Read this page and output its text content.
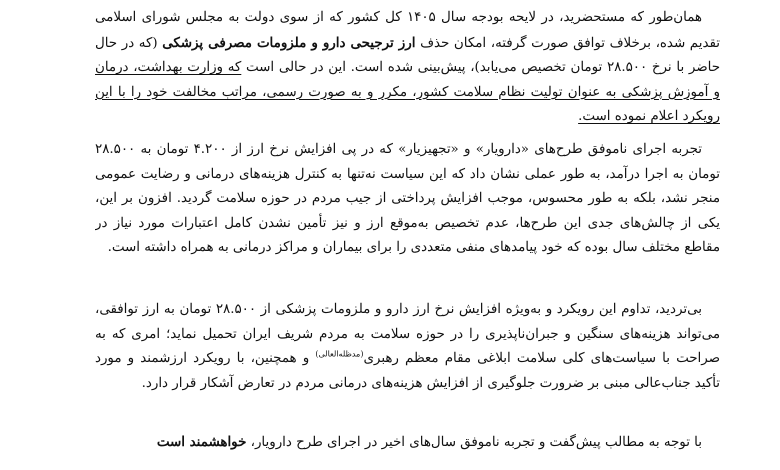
همان‌طور که مستحضرید، در لایحه بودجه سال ۱۴۰۵ کل کشور که از سوی دولت به مجلس شورای اسلامی تقدیم شده، برخلاف توافق صورت گرفته، امکان حذف ارز ترجیحی دارو و ملزومات مصرفی پزشکی (که در حال حاضر با نرخ ۲۸.۵۰۰ تومان تخصیص می‌یابد)، پیش‌بینی شده است. این در حالی است که وزارت بهداشت، درمان و آموزش پزشکی به عنوان تولیت نظام سلامت کشور، مکرر و به صورت رسمی، مراتب مخالفت خود را با این رویکرد اعلام نموده است.

تجربه اجرای ناموفق طرح‌های «دارویار» و «تجهیزیار» که در پی افزایش نرخ ارز از ۴.۲۰۰ تومان به ۲۸.۵۰۰ تومان به اجرا درآمد، به طور عملی نشان داد که این سیاست نه‌تنها به کنترل هزینه‌های درمانی و رضایت عمومی منجر نشد، بلکه به طور محسوس، موجب افزایش پرداختی از جیب مردم در حوزه سلامت گردید. افزون بر این، یکی از چالش‌های جدی این طرح‌ها، عدم تخصیص به‌موقع ارز و نیز تأمین نشدن کامل اعتبارات مورد نیاز در مقاطع مختلف سال بوده که خود پیامدهای منفی متعددی را برای بیماران و مراکز درمانی به همراه داشته است.

بی‌تردید، تداوم این رویکرد و به‌ویژه افزایش نرخ ارز دارو و ملزومات پزشکی از ۲۸.۵۰۰ تومان به ارز توافقی، می‌تواند هزینه‌های سنگین و جبران‌ناپذیری را در حوزه سلامت به مردم شریف ایران تحمیل نماید؛ امری که به صراحت با سیاست‌های کلی سلامت ابلاغی مقام معظم رهبری$^{(مدظله‌العالی)}$ و همچنین، با رویکرد ارزشمند و مورد تأکید جناب‌عالی مبنی بر ضرورت جلوگیری از افزایش هزینه‌های درمانی مردم در تعارض آشکار قرار دارد.

با توجه به مطالب پیش‌گفت و تجربه ناموفق سال‌های اخیر در اجرای طرح دارویار، خواهشمند است
